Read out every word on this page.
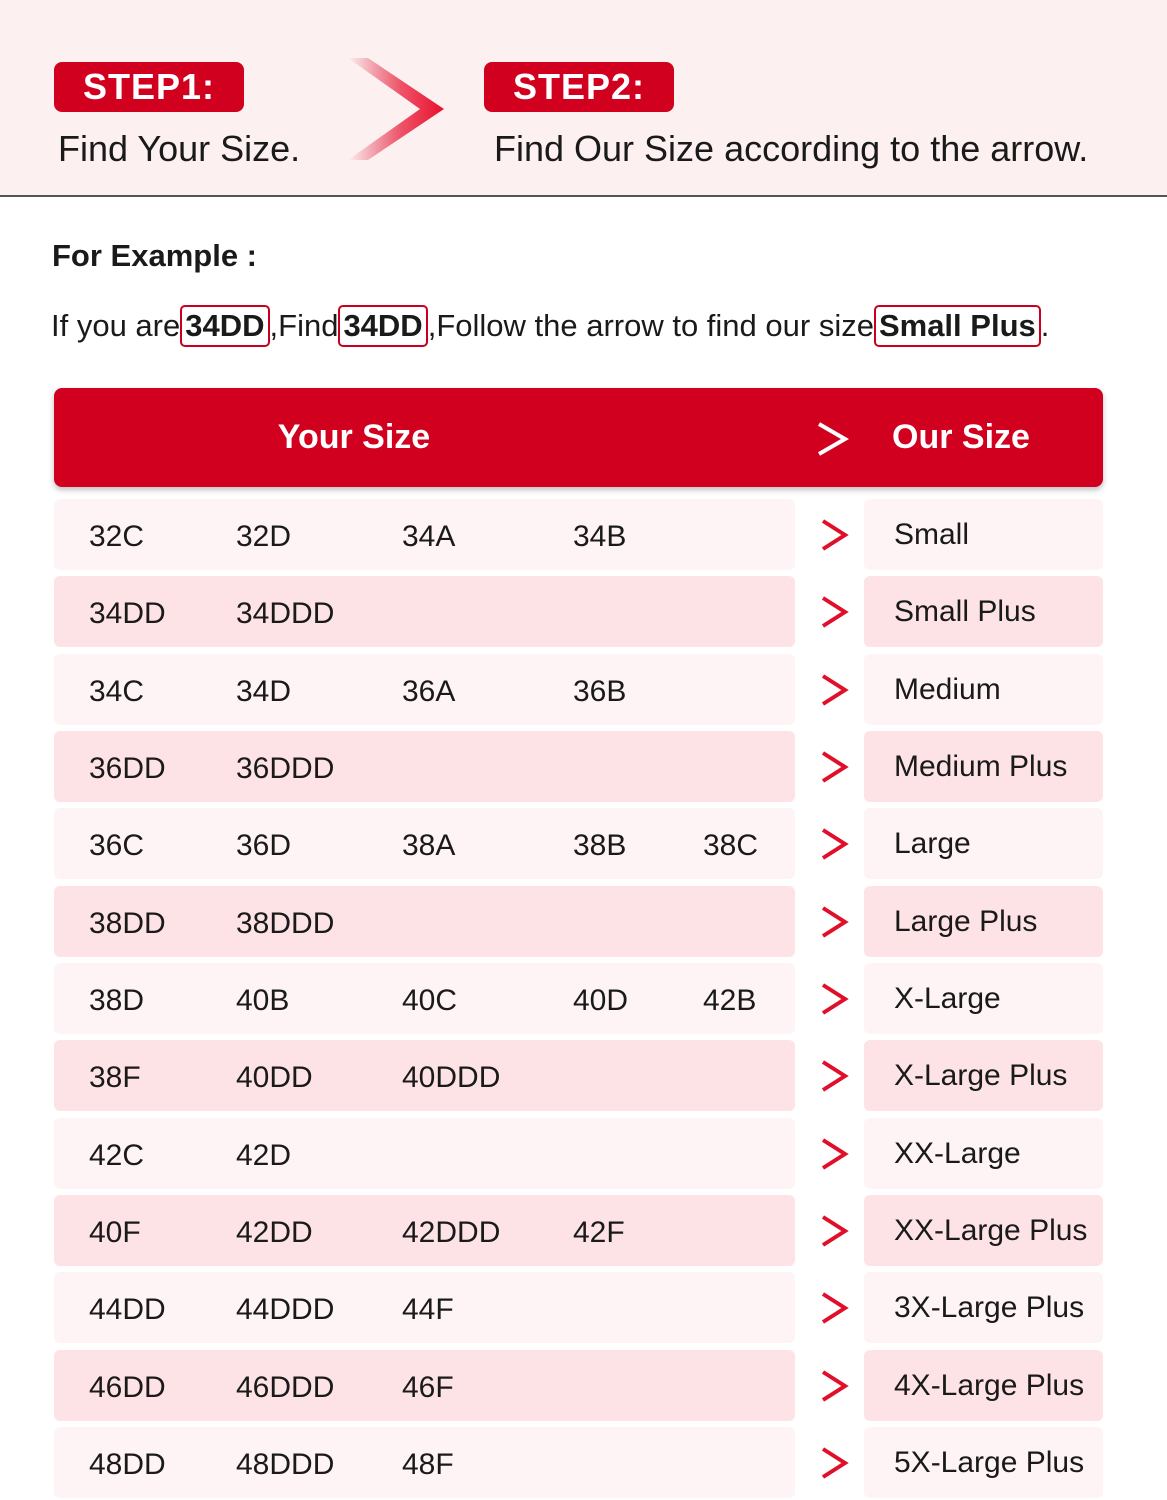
STEP1:
Find Your Size.
STEP2:
Find Our Size according to the arrow.
For Example :
If you are 34DD ,Find 34DD ,Follow the arrow to find our size Small Plus .
Your Size	Our Size
32C	32D	34A	34B	Small
34DD 34DDD	Small Plus
34C	34D	36A	36B	Medium
36DD 36DDD	Medium Plus
36C	36D	38A	38B	38C	Large
38DD 38DDD	Large Plus
38D	40B	40C	40D 42B	X-Large
38F	40DD	40DDD	X-Large Plus
42C	42D	XX-Large
40F	42DD	42DDD 42F	XX-Large Plus
44DD 44DDD 44F	3X-Large Plus
46DD 46DDD 46F	4X-Large Plus
48DD 48DDD 48F	5X-Large Plus
